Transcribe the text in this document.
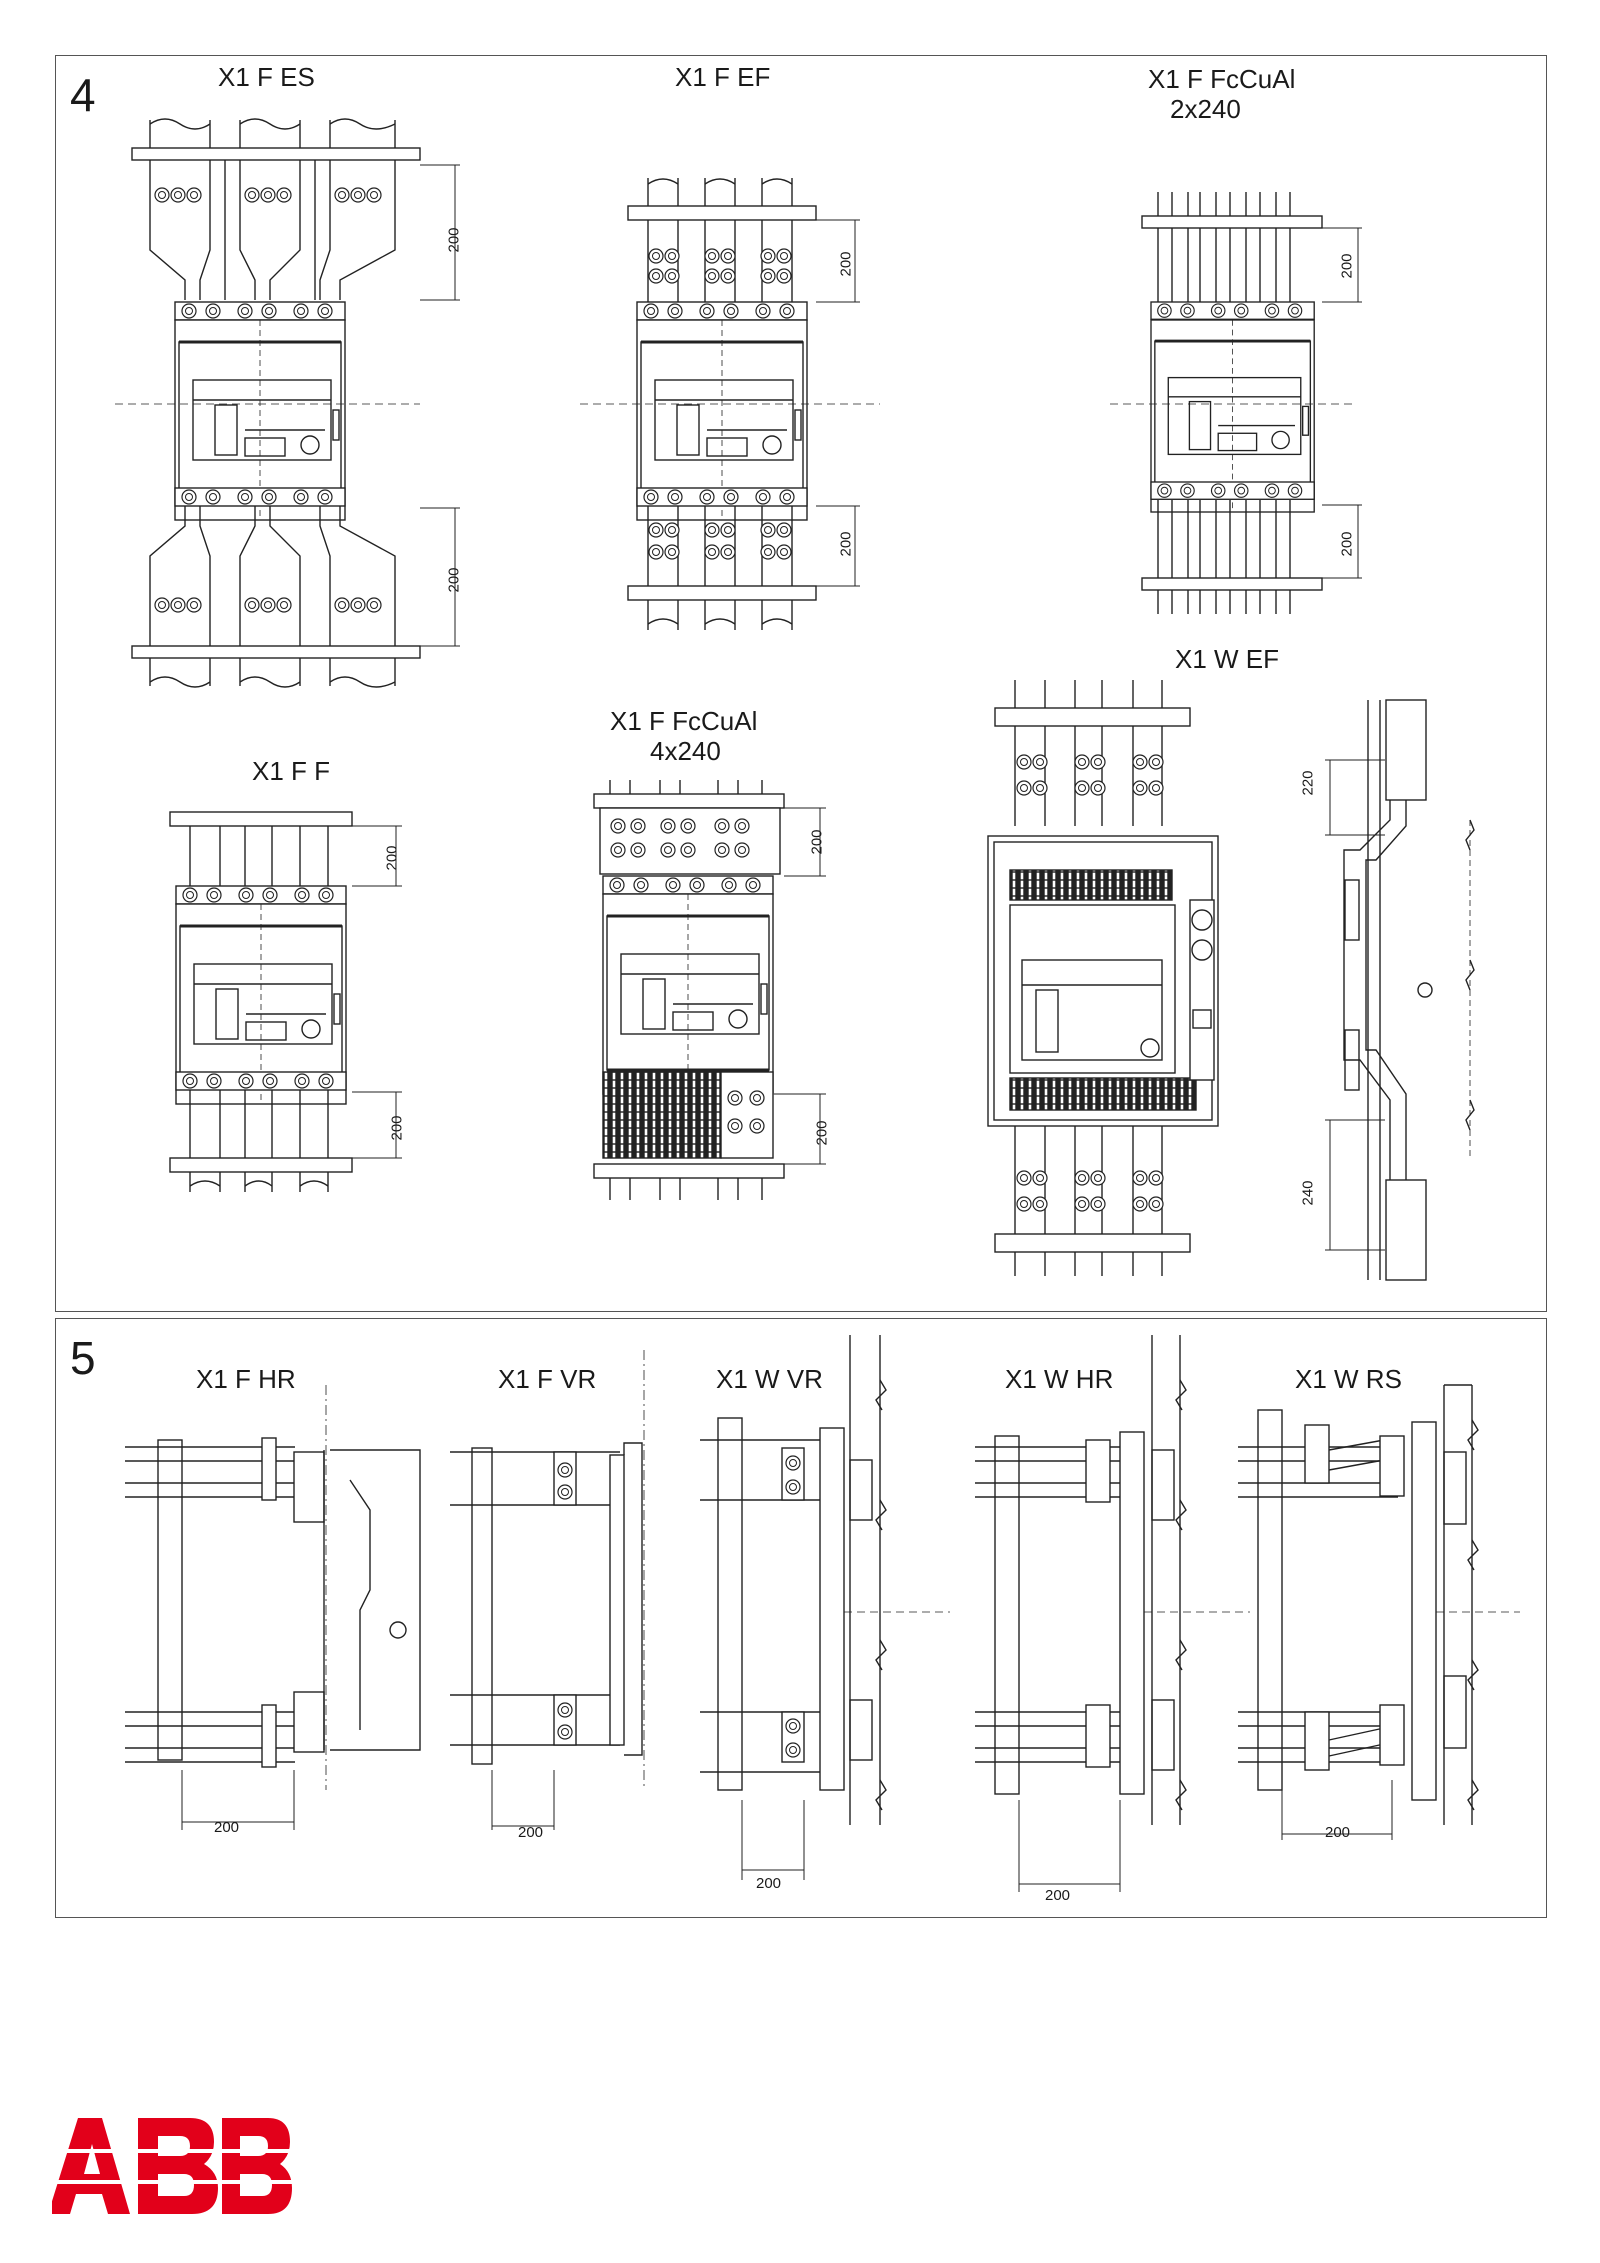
4
5
X1 F ES	X1 F EF	X1 F FcCuAl
2x240
X1 F F
X1 F FcCuAl
4x240
X1 W EF
200
200
200
200
200
200
200
200
200
200
220
240
X1 F HR	X1 F VR	X1 W VR	X1 W HR	X1 W RS
200	200
200
200
200
